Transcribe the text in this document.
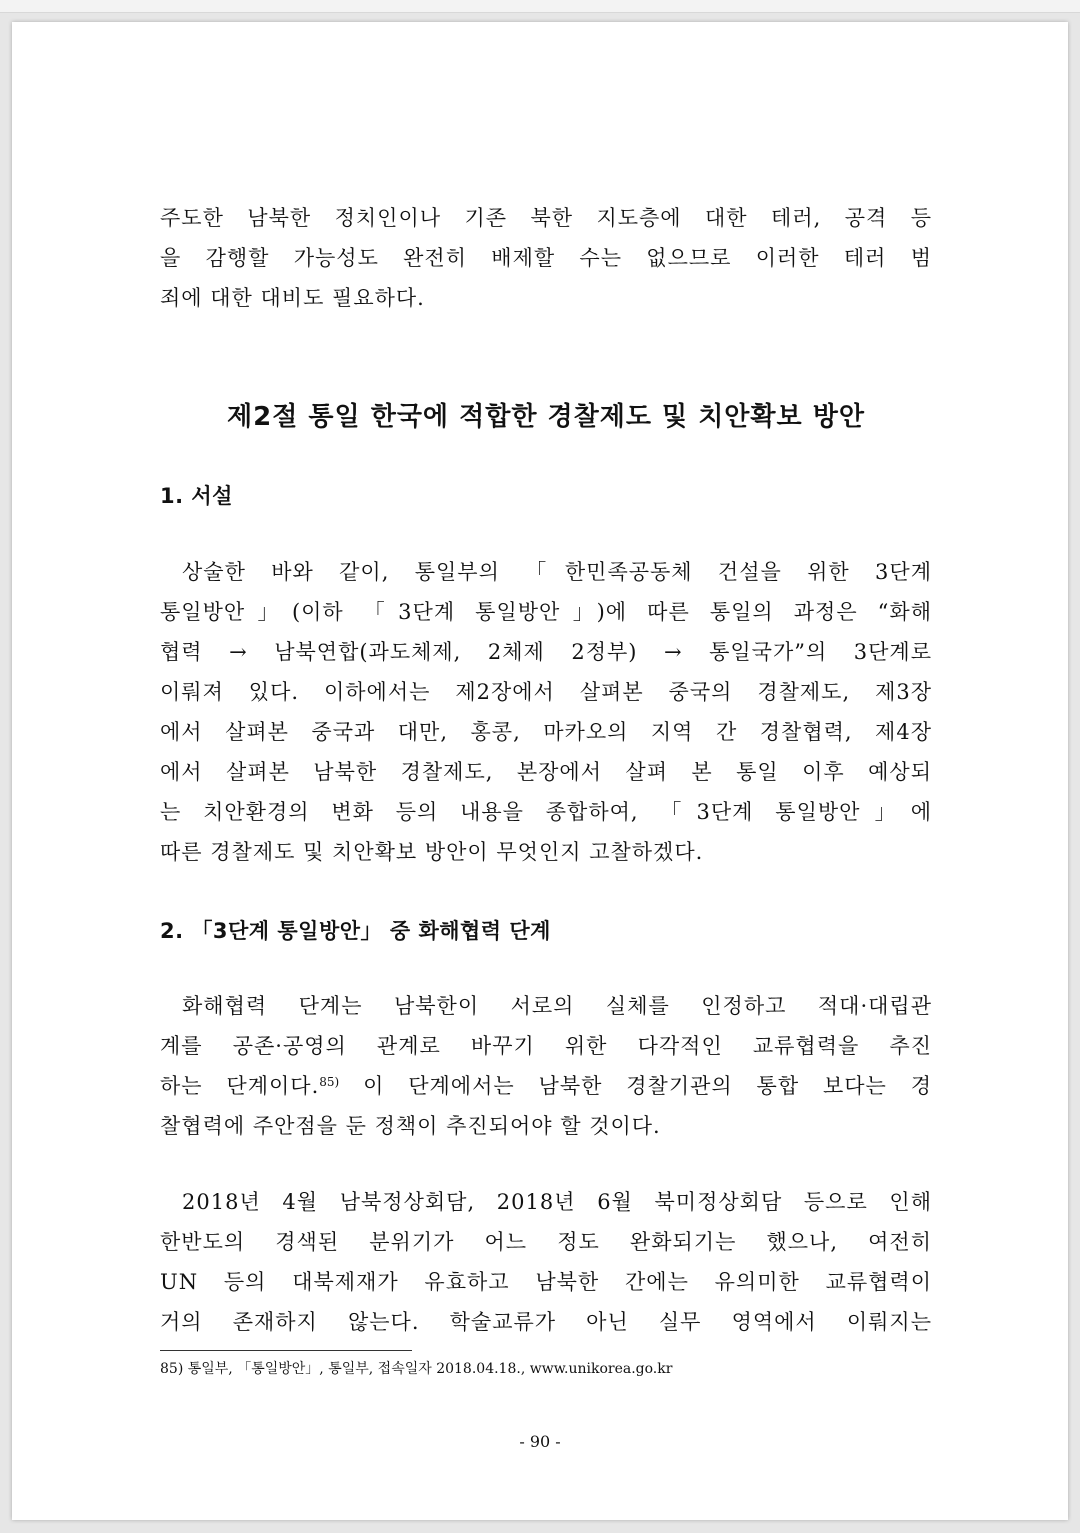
주도한 남북한 정치인이나 기존 북한 지도층에 대한 테러, 공격 등
을 감행할 가능성도 완전히 배제할 수는 없으므로 이러한 테러 범
죄에 대한 대비도 필요하다.

제2절 통일 한국에 적합한 경찰제도 및 치안확보 방안
1. 서설

상술한 바와 같이, 통일부의 「한민족공동체 건설을 위한 3단계
통일방안」(이하 「3단계 통일방안」)에 따른 통일의 과정은 “화해
협력 → 남북연합(과도체제, 2체제 2정부) → 통일국가”의 3단계로
이뤄져 있다. 이하에서는 제2장에서 살펴본 중국의 경찰제도, 제3장
에서 살펴본 중국과 대만, 홍콩, 마카오의 지역 간 경찰협력, 제4장
에서 살펴본 남북한 경찰제도, 본장에서 살펴 본 통일 이후 예상되
는 치안환경의 변화 등의 내용을 종합하여, 「3단계 통일방안」에
따른 경찰제도 및 치안확보 방안이 무엇인지 고찰하겠다.

2. 「3단계 통일방안」 중 화해협력 단계

화해협력 단계는 남북한이 서로의 실체를 인정하고 적대·대립관
계를 공존·공영의 관계로 바꾸기 위한 다각적인 교류협력을 추진
하는 단계이다.$^{85)}$ 이 단계에서는 남북한 경찰기관의 통합 보다는 경
찰협력에 주안점을 둔 정책이 추진되어야 할 것이다.

2018년 4월 남북정상회담, 2018년 6월 북미정상회담 등으로 인해
한반도의 경색된 분위기가 어느 정도 완화되기는 했으나, 여전히
UN 등의 대북제재가 유효하고 남북한 간에는 유의미한 교류협력이
거의 존재하지 않는다. 학술교류가 아닌 실무 영역에서 이뤄지는

85) 통일부, 「통일방안」, 통일부, 접속일자 2018.04.18., www.unikorea.go.kr

- 90 -
